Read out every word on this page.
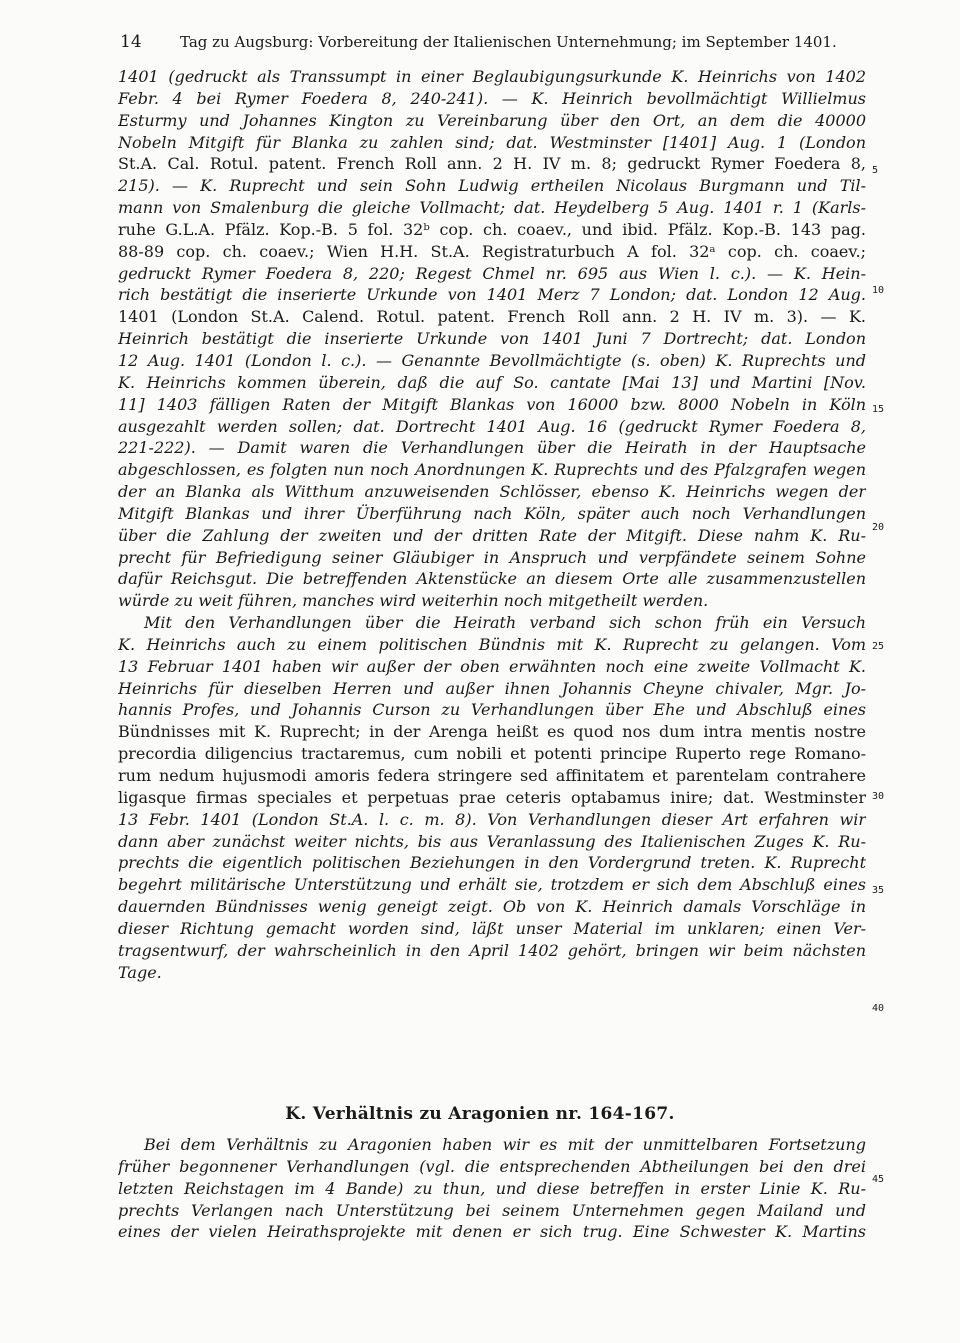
14	Tag zu Augsburg: Vorbereitung der Italienischen Unternehmung; im September 1401.
1401 (gedruckt als Transsumpt in einer Beglaubigungsurkunde K. Heinrichs von 1402
Febr. 4 bei Rymer Foedera 8, 240-241). — K. Heinrich bevollmächtigt Willielmus
Esturmy und Johannes Kington zu Vereinbarung über den Ort, an dem die 40000
Nobeln Mitgift für Blanka zu zahlen sind; dat. Westminster [1401] Aug. 1 (London
St.A. Cal. Rotul. patent. French Roll ann. 2 H. IV m. 8; gedruckt Rymer Foedera 8,
215). — K. Ruprecht und sein Sohn Ludwig ertheilen Nicolaus Burgmann und Til-
mann von Smalenburg die gleiche Vollmacht; dat. Heydelberg 5 Aug. 1401 r. 1 (Karls-
ruhe G.L.A. Pfälz. Kop.-B. 5 fol. 32ᵇ cop. ch. coaev., und ibid. Pfälz. Kop.-B. 143 pag.
88-89 cop. ch. coaev.; Wien H.H. St.A. Registraturbuch A fol. 32ᵃ cop. ch. coaev.;
gedruckt Rymer Foedera 8, 220; Regest Chmel nr. 695 aus Wien l. c.). — K. Hein-
rich bestätigt die inserierte Urkunde von 1401 Merz 7 London; dat. London 12 Aug.
1401 (London St.A. Calend. Rotul. patent. French Roll ann. 2 H. IV m. 3). — K.
Heinrich bestätigt die inserierte Urkunde von 1401 Juni 7 Dortrecht; dat. London
12 Aug. 1401 (London l. c.). — Genannte Bevollmächtigte (s. oben) K. Ruprechts und
K. Heinrichs kommen überein, daß die auf So. cantate [Mai 13] und Martini [Nov.
11] 1403 fälligen Raten der Mitgift Blankas von 16000 bzw. 8000 Nobeln in Köln
ausgezahlt werden sollen; dat. Dortrecht 1401 Aug. 16 (gedruckt Rymer Foedera 8,
221-222). — Damit waren die Verhandlungen über die Heirath in der Hauptsache
abgeschlossen, es folgten nun noch Anordnungen K. Ruprechts und des Pfalzgrafen wegen
der an Blanka als Witthum anzuweisenden Schlösser, ebenso K. Heinrichs wegen der
Mitgift Blankas und ihrer Überführung nach Köln, später auch noch Verhandlungen
über die Zahlung der zweiten und der dritten Rate der Mitgift. Diese nahm K. Ru-
precht für Befriedigung seiner Gläubiger in Anspruch und verpfändete seinem Sohne
dafür Reichsgut. Die betreffenden Aktenstücke an diesem Orte alle zusammenzustellen
würde zu weit führen, manches wird weiterhin noch mitgetheilt werden.
Mit den Verhandlungen über die Heirath verband sich schon früh ein Versuch
K. Heinrichs auch zu einem politischen Bündnis mit K. Ruprecht zu gelangen. Vom
13 Februar 1401 haben wir außer der oben erwähnten noch eine zweite Vollmacht K.
Heinrichs für dieselben Herren und außer ihnen Johannis Cheyne chivaler, Mgr. Jo-
hannis Profes, und Johannis Curson zu Verhandlungen über Ehe und Abschluß eines
Bündnisses mit K. Ruprecht; in der Arenga heißt es quod nos dum intra mentis nostre
precordia diligencius tractaremus, cum nobili et potenti principe Ruperto rege Romano-
rum nedum hujusmodi amoris federa stringere sed affinitatem et parentelam contrahere
ligasque firmas speciales et perpetuas prae ceteris optabamus inire; dat. Westminster
13 Febr. 1401 (London St.A. l. c. m. 8). Von Verhandlungen dieser Art erfahren wir
dann aber zunächst weiter nichts, bis aus Veranlassung des Italienischen Zuges K. Ru-
prechts die eigentlich politischen Beziehungen in den Vordergrund treten. K. Ruprecht
begehrt militärische Unterstützung und erhält sie, trotzdem er sich dem Abschluß eines
dauernden Bündnisses wenig geneigt zeigt. Ob von K. Heinrich damals Vorschläge in
dieser Richtung gemacht worden sind, läßt unser Material im unklaren; einen Ver-
tragsentwurf, der wahrscheinlich in den April 1402 gehört, bringen wir beim nächsten
Tage.
K. Verhältnis zu Aragonien nr. 164-167.
Bei dem Verhältnis zu Aragonien haben wir es mit der unmittelbaren Fortsetzung
früher begonnener Verhandlungen (vgl. die entsprechenden Abtheilungen bei den drei
letzten Reichstagen im 4 Bande) zu thun, und diese betreffen in erster Linie K. Ru-
prechts Verlangen nach Unterstützung bei seinem Unternehmen gegen Mailand und
eines der vielen Heirathsprojekte mit denen er sich trug. Eine Schwester K. Martins
5
10
15
20
25
30
35
40
45
